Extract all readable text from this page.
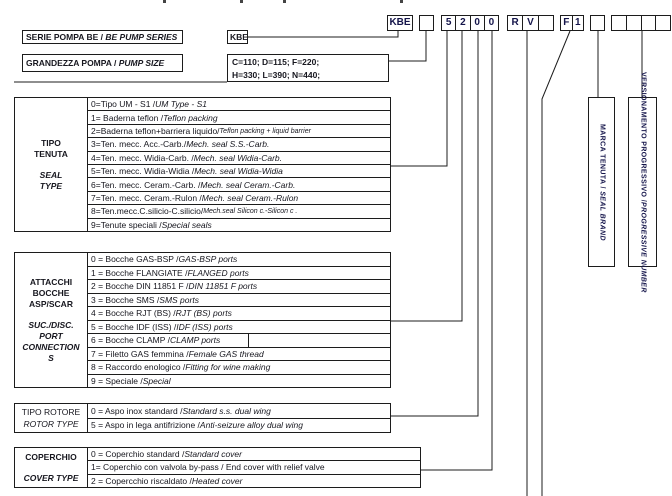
KBE	5 2 0 0	R V	F 1
SERIE POMPA BE / BE PUMP SERIES	KBE
GRANDEZZA POMPA / PUMP SIZE	C=110; D=115; F=220;
H=330; L=390; N=440;
TIPO
TENUTA
SEAL
TYPE
0=Tipo UM - S1 / UM Type - S1
1= Baderna teflon / Teflon packing
2=Baderna teflon+barriera liquido/ Teflon packing + liquid barrier
3=Ten. mecc. Acc.-Carb./ Mech. seal S.S.-Carb.
4=Ten. mecc. Widia-Carb. / Mech. seal Widia-Carb.
5=Ten. mecc. Widia-Widia / Mech. seal Widia-Widia
6=Ten. mecc. Ceram.-Carb. / Mech. seal Ceram.-Carb.
7=Ten. mecc. Ceram.-Rulon / Mech. seal Ceram.-Rulon
8=Ten.mecc.C.silicio-C.silicio/ Mech.seal Silicon c.-Silicon c .
9=Tenute speciali / Special seals
ATTACCHI
BOCCHE
ASP/SCAR
SUC./DISC.
PORT
CONNECTION
S
0 = Bocche GAS-BSP / GAS-BSP ports
1 = Bocche FLANGIATE / FLANGED ports
2 = Bocche DIN 11851 F / DIN 11851 F ports
3 = Bocche SMS / SMS ports
4 = Bocche RJT (BS) / RJT (BS) ports
5 = Bocche IDF (ISS) / IDF (ISS) ports
6 = Bocche CLAMP / CLAMP ports
7 = Filetto GAS femmina / Female GAS thread
8 = Raccordo enologico / Fitting for wine making
9 = Speciale / Special
TIPO ROTORE
ROTOR TYPE
0 = Aspo inox standard / Standard s.s. dual wing
5 = Aspo in lega antifrizione / Anti-seizure alloy dual wing
COPERCHIO
COVER TYPE
0 = Coperchio standard / Standard cover
1= Coperchio con valvola by-pass / End cover with relief valve
2 = Copercchio riscaldato / Heated cover
MARCA TENUTA / SEAL BRAND
VERSIONAMENTO PROGRESSIVO /
PROGRESSIVE NUMBER
